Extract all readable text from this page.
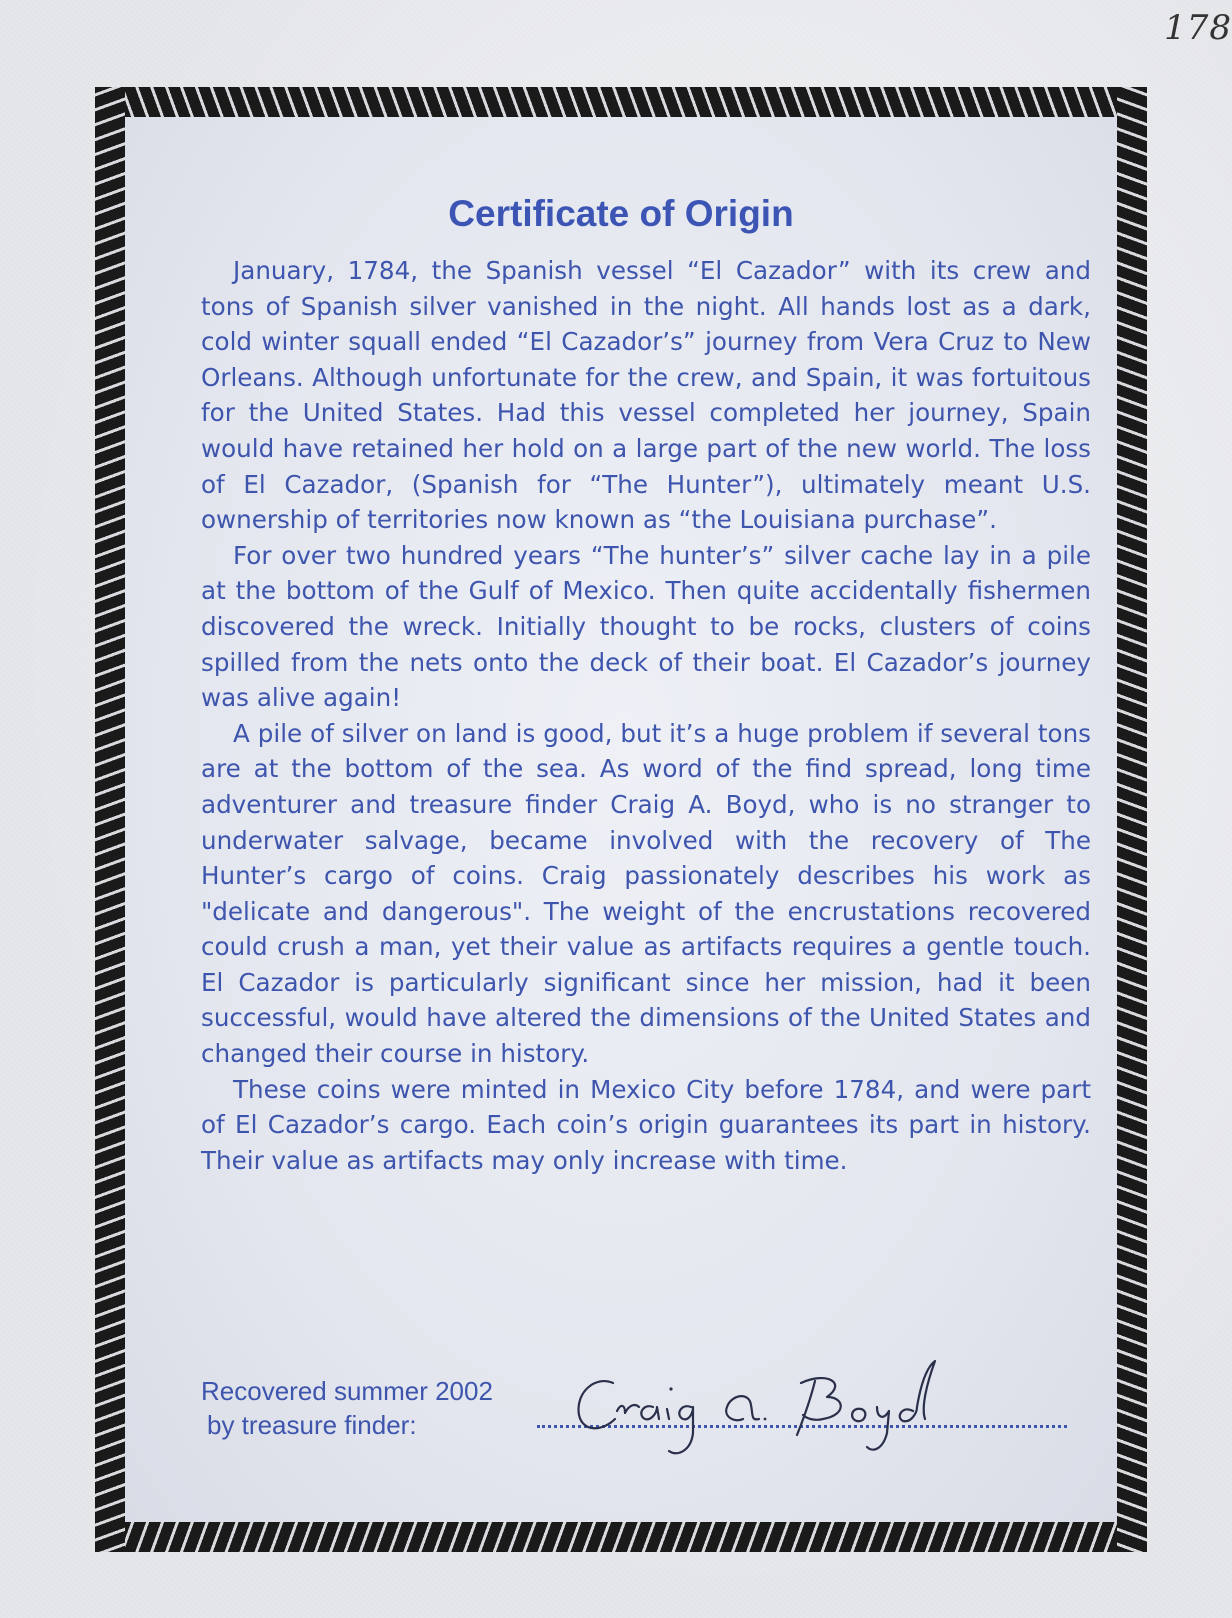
178
Certificate of Origin

January, 1784, the Spanish vessel “El Cazador” with its crew and tons of Spanish silver vanished in the night. All hands lost as a dark, cold winter squall ended “El Cazador’s” journey from Vera Cruz to New Orleans. Although unfortunate for the crew, and Spain, it was fortuitous for the United States. Had this vessel completed her journey, Spain would have retained her hold on a large part of the new world. The loss of El Cazador, (Spanish for “The Hunter”), ultimately meant U.S. ownership of territories now known as “the Louisiana purchase”.

For over two hundred years “The hunter’s” silver cache lay in a pile at the bottom of the Gulf of Mexico. Then quite accidentally fishermen discovered the wreck. Initially thought to be rocks, clusters of coins spilled from the nets onto the deck of their boat. El Cazador’s journey was alive again!

A pile of silver on land is good, but it’s a huge problem if several tons are at the bottom of the sea. As word of the find spread, long time adventurer and treasure finder Craig A. Boyd, who is no stranger to underwater salvage, became involved with the recovery of The Hunter’s cargo of coins. Craig passionately describes his work as "delicate and dangerous". The weight of the encrustations recovered could crush a man, yet their value as artifacts requires a gentle touch. El Cazador is particularly significant since her mission, had it been successful, would have altered the dimensions of the United States and changed their course in history.

These coins were minted in Mexico City before 1784, and were part of El Cazador’s cargo. Each coin’s origin guarantees its part in history. Their value as artifacts may only increase with time.

Recovered summer 2002
by treasure finder:
